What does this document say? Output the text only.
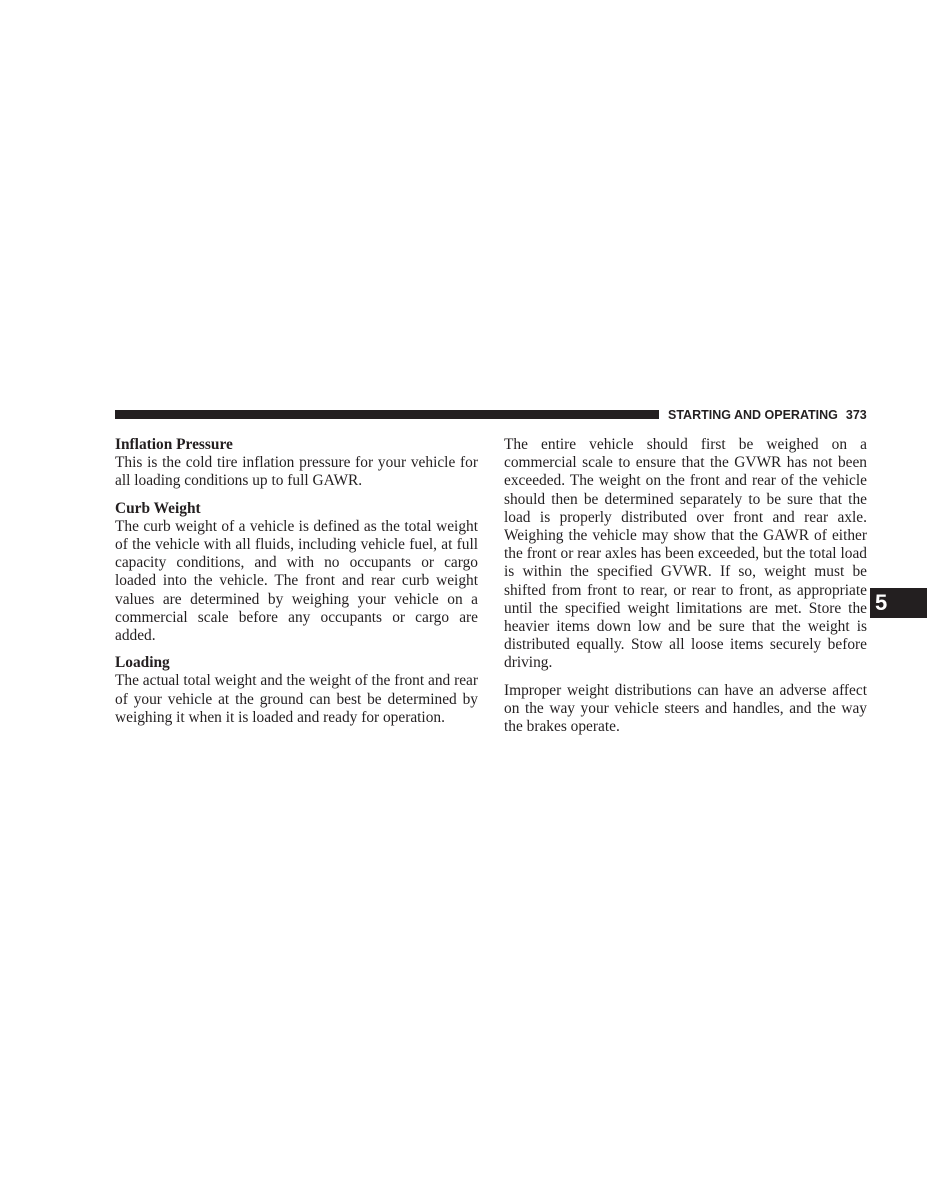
STARTING AND OPERATING 373

Inflation Pressure

This is the cold tire inflation pressure for your vehicle for all loading conditions up to full GAWR.

Curb Weight

The curb weight of a vehicle is defined as the total weight of the vehicle with all fluids, including vehicle fuel, at full capacity conditions, and with no occupants or cargo loaded into the vehicle. The front and rear curb weight values are determined by weighing your vehicle on a commercial scale before any occupants or cargo are added.

Loading

The actual total weight and the weight of the front and rear of your vehicle at the ground can best be determined by weighing it when it is loaded and ready for operation.

The entire vehicle should first be weighed on a commercial scale to ensure that the GVWR has not been exceeded. The weight on the front and rear of the vehicle should then be determined separately to be sure that the load is properly distributed over front and rear axle. Weighing the vehicle may show that the GAWR of either the front or rear axles has been exceeded, but the total load is within the specified GVWR. If so, weight must be shifted from front to rear, or rear to front, as appropriate until the specified weight limitations are met. Store the heavier items down low and be sure that the weight is distributed equally. Stow all loose items securely before driving.

Improper weight distributions can have an adverse affect on the way your vehicle steers and handles, and the way the brakes operate.

5
